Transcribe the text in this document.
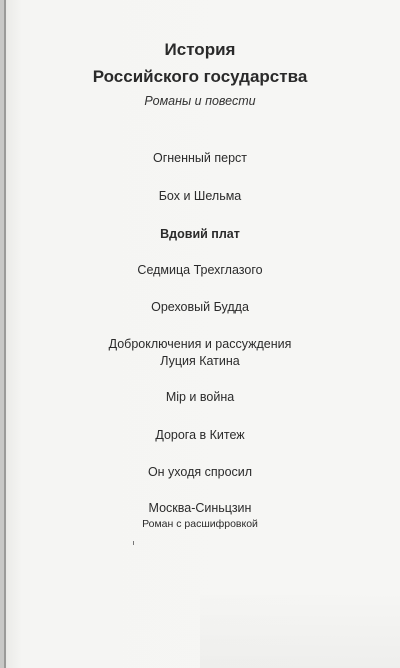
История
Российского государства
Романы и повести
Огненный перст
Бох и Шельма
Вдовий плат
Седмица Трехглазого
Ореховый Будда
Доброключения и рассуждения
Луция Катина
Мiр и война
Дорога в Китеж
Он уходя спросил
Москва-Синьцзин
Роман с расшифровкой
